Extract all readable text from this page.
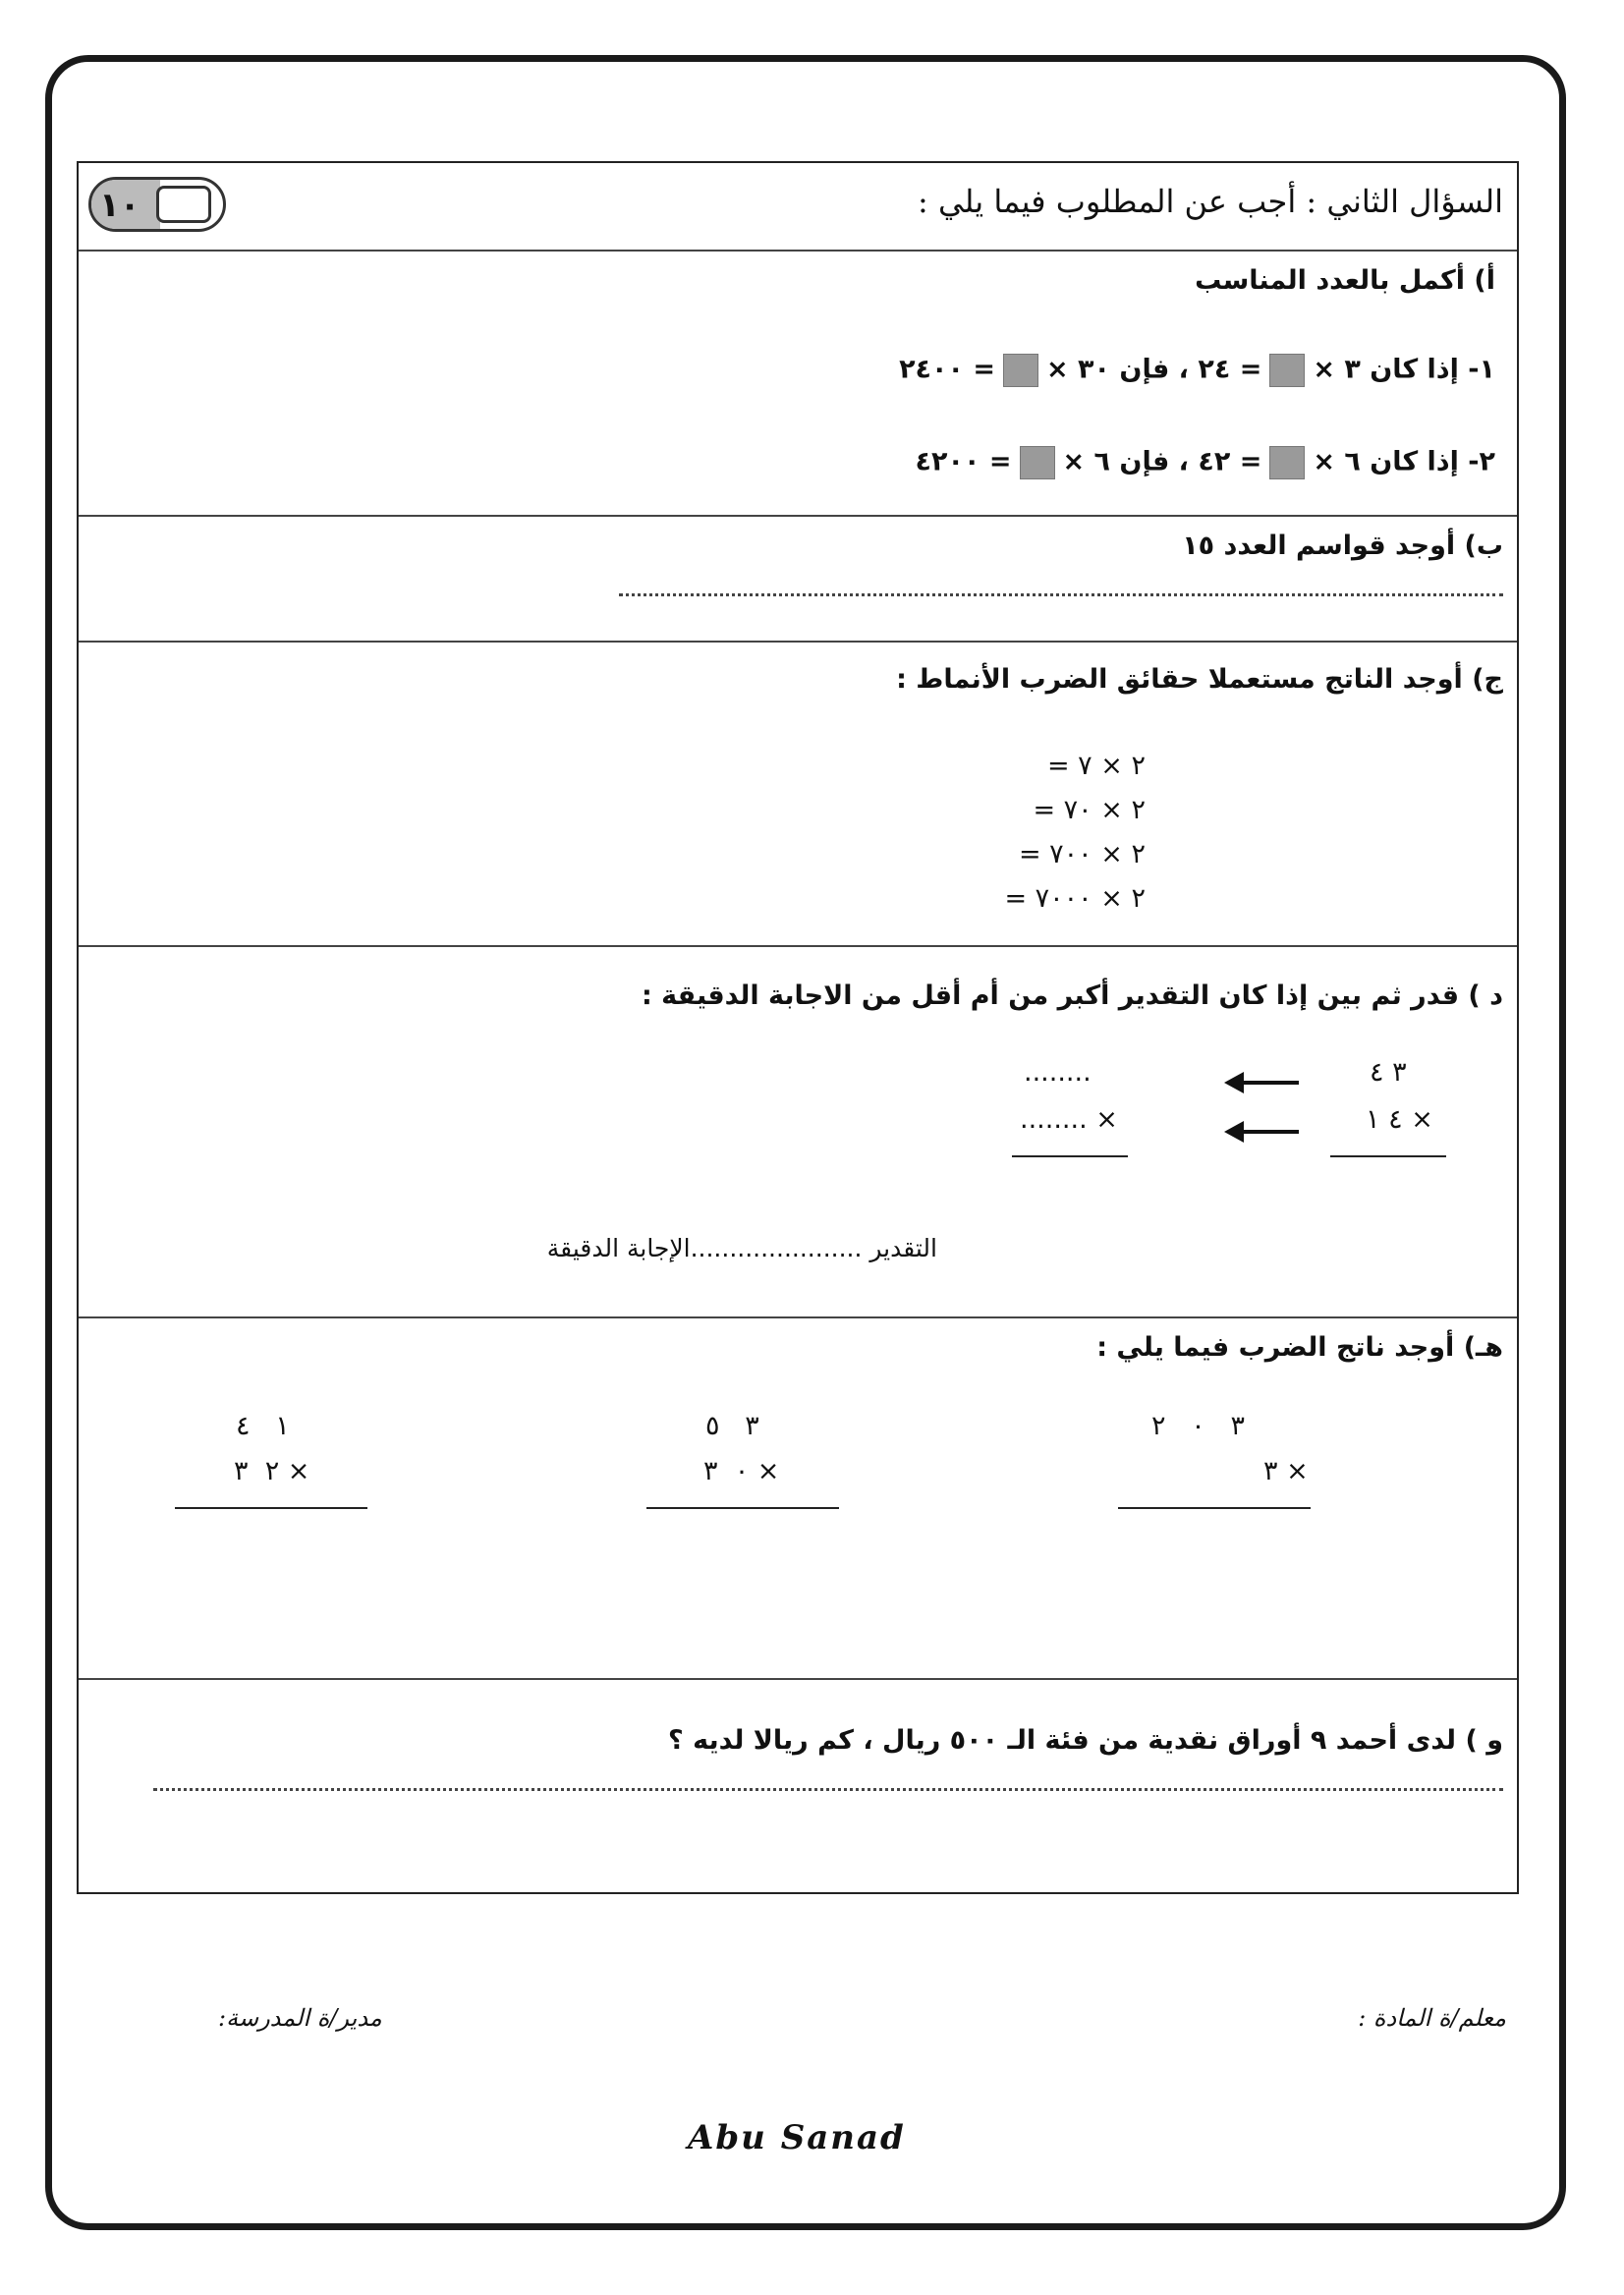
السؤال الثاني : أجب عن المطلوب فيما يلي :
١٠
أ) أكمل بالعدد المناسب
١- إذا كان ٣ ×= ٢٤ ، فإن ٣٠ ×= ٢٤٠٠
٢- إذا كان ٦ ×= ٤٢ ، فإن ٦ ×= ٤٢٠٠
ب) أوجد قواسم العدد ١٥
ج) أوجد الناتج مستعملا حقائق الضرب الأنماط :
٢ × ٧ =
٢ × ٧٠ =
٢ × ٧٠٠ =
٢ × ٧٠٠٠ =
د ) قدر ثم بين إذا كان التقدير أكبر من أم أقل من الاجابة الدقيقة :
٣ ٤
× ٤ ١
........
× ........
التقدير ......................الإجابة الدقيقة
هـ) أوجد ناتج الضرب فيما يلي :
٣   ٠   ٢
× ٣
٣   ٥
× ٠  ٣
١   ٤
× ٢  ٣
و ) لدى أحمد ٩ أوراق نقدية من فئة الـ ٥٠٠ ريال ، كم ريالا لديه ؟
معلم/ة المادة :
مدير/ة المدرسة:
Abu Sanad
